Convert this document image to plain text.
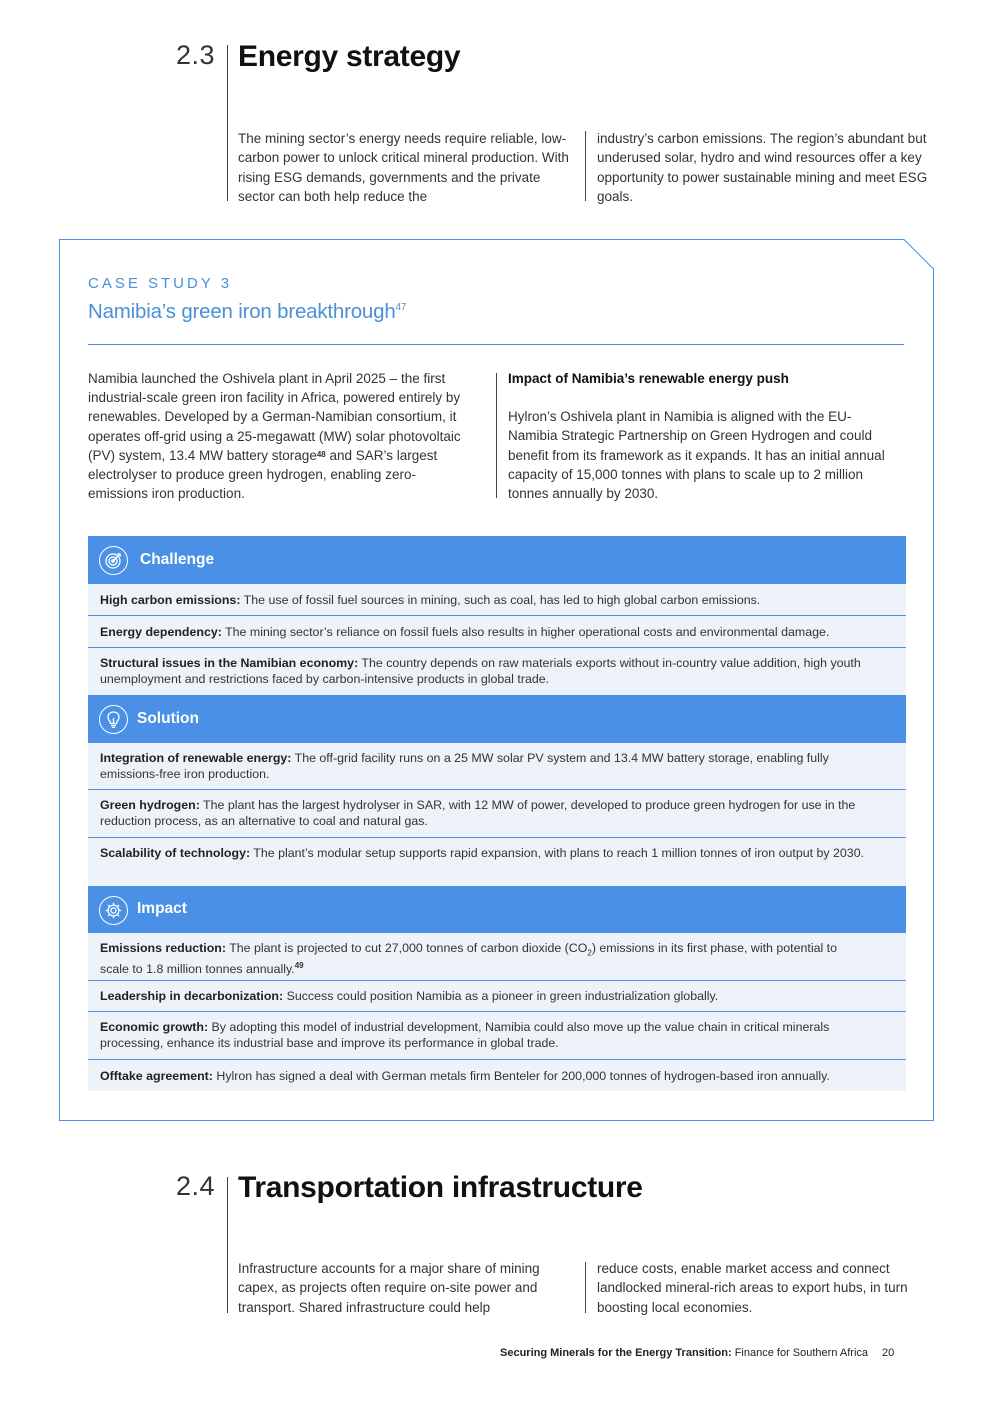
2.3 Energy strategy
The mining sector’s energy needs require reliable, low-carbon power to unlock critical mineral production. With rising ESG demands, governments and the private sector can both help reduce the
industry’s carbon emissions. The region’s abundant but underused solar, hydro and wind resources offer a key opportunity to power sustainable mining and meet ESG goals.
CASE STUDY 3
Namibia’s green iron breakthrough$^{47}$
Namibia launched the Oshivela plant in April 2025 – the first industrial-scale green iron facility in Africa, powered entirely by renewables. Developed by a German-Namibian consortium, it operates off-grid using a 25-megawatt (MW) solar photovoltaic (PV) system, 13.4 MW battery storage$^{48}$ and SAR’s largest electrolyser to produce green hydrogen, enabling zero-emissions iron production.
Impact of Namibia’s renewable energy push
Hylron’s Oshivela plant in Namibia is aligned with the EU-Namibia Strategic Partnership on Green Hydrogen and could benefit from its framework as it expands. It has an initial annual capacity of 15,000 tonnes with plans to scale up to 2 million tonnes annually by 2030.
Challenge
High carbon emissions: The use of fossil fuel sources in mining, such as coal, has led to high global carbon emissions.
Energy dependency: The mining sector’s reliance on fossil fuels also results in higher operational costs and environmental damage.
Structural issues in the Namibian economy: The country depends on raw materials exports without in-country value addition, high youth unemployment and restrictions faced by carbon-intensive products in global trade.
Solution
Integration of renewable energy: The off-grid facility runs on a 25 MW solar PV system and 13.4 MW battery storage, enabling fully emissions-free iron production.
Green hydrogen: The plant has the largest hydrolyser in SAR, with 12 MW of power, developed to produce green hydrogen for use in the reduction process, as an alternative to coal and natural gas.
Scalability of technology: The plant’s modular setup supports rapid expansion, with plans to reach 1 million tonnes of iron output by 2030.
Impact
Emissions reduction: The plant is projected to cut 27,000 tonnes of carbon dioxide $(CO_2)$ emissions in its first phase, with potential to scale to 1.8 million tonnes annually.$^{49}$
Leadership in decarbonization: Success could position Namibia as a pioneer in green industrialization globally.
Economic growth: By adopting this model of industrial development, Namibia could also move up the value chain in critical minerals processing, enhance its industrial base and improve its performance in global trade.
Offtake agreement: Hylron has signed a deal with German metals firm Benteler for 200,000 tonnes of hydrogen-based iron annually.
2.4 Transportation infrastructure
Infrastructure accounts for a major share of mining capex, as projects often require on-site power and transport. Shared infrastructure could help
reduce costs, enable market access and connect landlocked mineral-rich areas to export hubs, in turn boosting local economies.
Securing Minerals for the Energy Transition: Finance for Southern Africa 20
